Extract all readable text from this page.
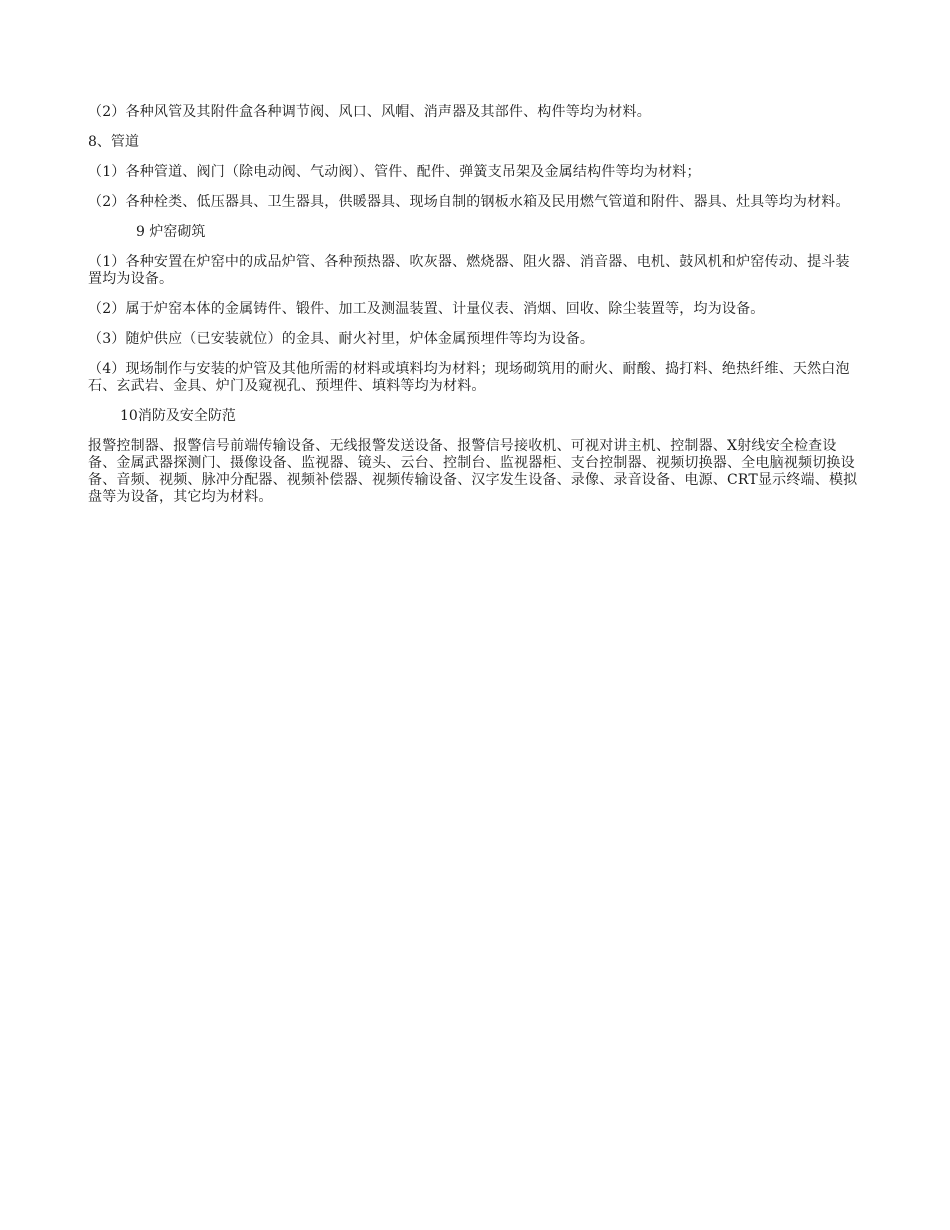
（2）各种风管及其附件盒各种调节阀、风口、风帽、消声器及其部件、构件等均为材料。

8、管道

（1）各种管道、阀门（除电动阀、气动阀）、管件、配件、弹簧支吊架及金属结构件等均为材料；

（2）各种栓类、低压器具、卫生器具，供暖器具、现场自制的钢板水箱及民用燃气管道和附件、器具、灶具等均为材料。

9 炉窑砌筑

（1）各种安置在炉窑中的成品炉管、各种预热器、吹灰器、燃烧器、阻火器、消音器、电机、鼓风机和炉窑传动、提斗装置均为设备。

（2）属于炉窑本体的金属铸件、锻件、加工及测温装置、计量仪表、消烟、回收、除尘装置等，均为设备。

（3）随炉供应（已安装就位）的金具、耐火衬里，炉体金属预埋件等均为设备。

（4）现场制作与安装的炉管及其他所需的材料或填料均为材料；现场砌筑用的耐火、耐酸、捣打料、绝热纤维、天然白泡石、玄武岩、金具、炉门及窥视孔、预埋件、填料等均为材料。

10消防及安全防范

报警控制器、报警信号前端传输设备、无线报警发送设备、报警信号接收机、可视对讲主机、控制器、X射线安全检查设备、金属武器探测门、摄像设备、监视器、镜头、云台、控制台、监视器柜、支台控制器、视频切换器、全电脑视频切换设备、音频、视频、脉冲分配器、视频补偿器、视频传输设备、汉字发生设备、录像、录音设备、电源、CRT显示终端、模拟盘等为设备，其它均为材料。
